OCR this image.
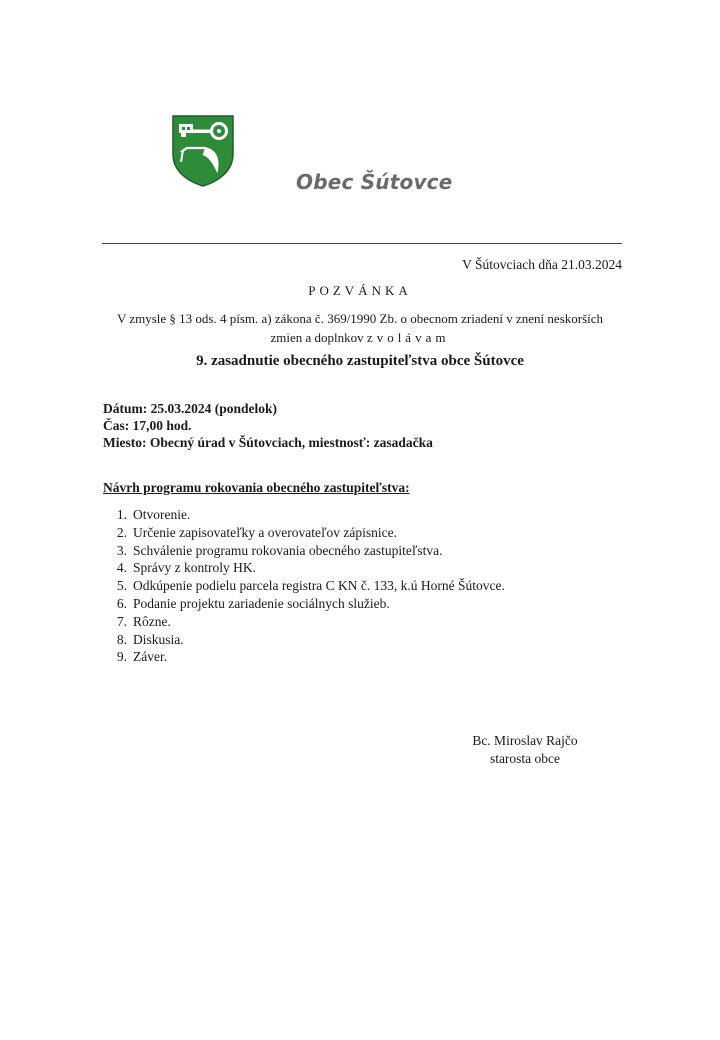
Obec Šútovce
V Šútovciach dňa 21.03.2024
POZVÁNKA
V zmysle § 13 ods. 4 písm. a) zákona č. 369/1990 Zb. o obecnom zriadení v znení neskorších
zmien a doplnkov zvolávam
9. zasadnutie obecného zastupiteľstva obce Šútovce
Dátum: 25.03.2024 (pondelok)
Čas: 17,00 hod.
Miesto: Obecný úrad v Šútovciach, miestnosť: zasadačka
Návrh programu rokovania obecného zastupiteľstva:
1. Otvorenie.
2. Určenie zapisovateľky a overovateľov zápisnice.
3. Schválenie programu rokovania obecného zastupiteľstva.
4. Správy z kontroly HK.
5. Odkúpenie podielu parcela registra C KN č. 133, k.ú Horné Šútovce.
6. Podanie projektu zariadenie sociálnych služieb.
7. Rôzne.
8. Diskusia.
9. Záver.
Bc. Miroslav Rajčo
starosta obce
